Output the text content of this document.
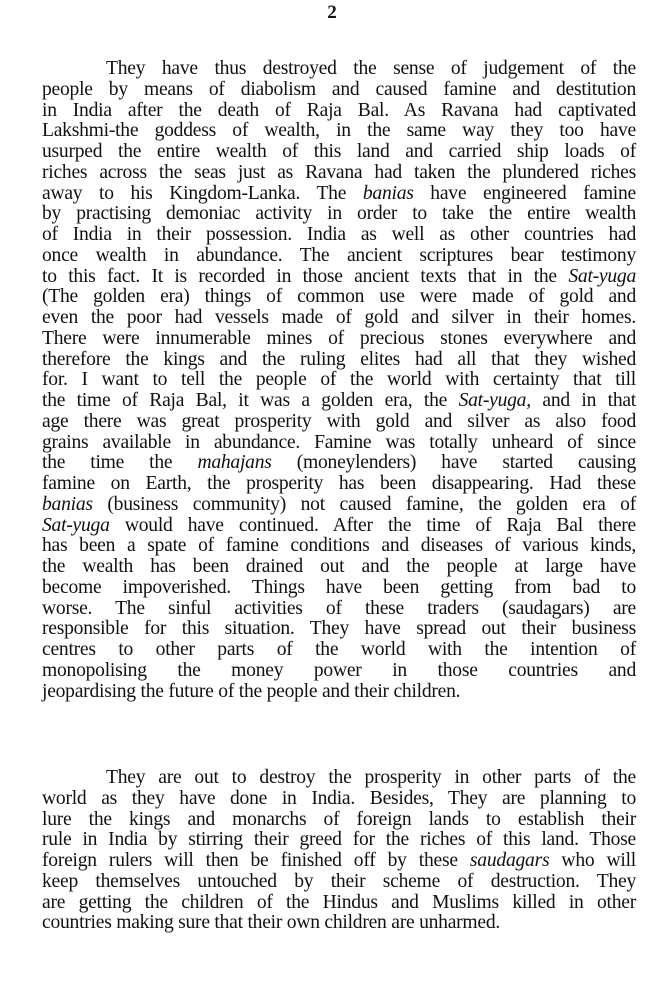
2
They have thus destroyed the sense of judgement of the
people by means of diabolism and caused famine and destitution
in India after the death of Raja Bal. As Ravana had captivated
Lakshmi-the goddess of wealth, in the same way they too have
usurped the entire wealth of this land and carried ship loads of
riches across the seas just as Ravana had taken the plundered riches
away to his Kingdom-Lanka. The banias have engineered famine
by practising demoniac activity in order to take the entire wealth
of India in their possession. India as well as other countries had
once wealth in abundance. The ancient scriptures bear testimony
to this fact. It is recorded in those ancient texts that in the Sat-yuga
(The golden era) things of common use were made of gold and
even the poor had vessels made of gold and silver in their homes.
There were innumerable mines of precious stones everywhere and
therefore the kings and the ruling elites had all that they wished
for. I want to tell the people of the world with certainty that till
the time of Raja Bal, it was a golden era, the Sat-yuga, and in that
age there was great prosperity with gold and silver as also food
grains available in abundance. Famine was totally unheard of since
the time the mahajans (moneylenders) have started causing
famine on Earth, the prosperity has been disappearing. Had these
banias (business community) not caused famine, the golden era of
Sat-yuga would have continued. After the time of Raja Bal there
has been a spate of famine conditions and diseases of various kinds,
the wealth has been drained out and the people at large have
become impoverished. Things have been getting from bad to
worse. The sinful activities of these traders (saudagars) are
responsible for this situation. They have spread out their business
centres to other parts of the world with the intention of
monopolising the money power in those countries and
jeopardising the future of the people and their children.
They are out to destroy the prosperity in other parts of the
world as they have done in India. Besides, They are planning to
lure the kings and monarchs of foreign lands to establish their
rule in India by stirring their greed for the riches of this land. Those
foreign rulers will then be finished off by these saudagars who will
keep themselves untouched by their scheme of destruction. They
are getting the children of the Hindus and Muslims killed in other
countries making sure that their own children are unharmed.
